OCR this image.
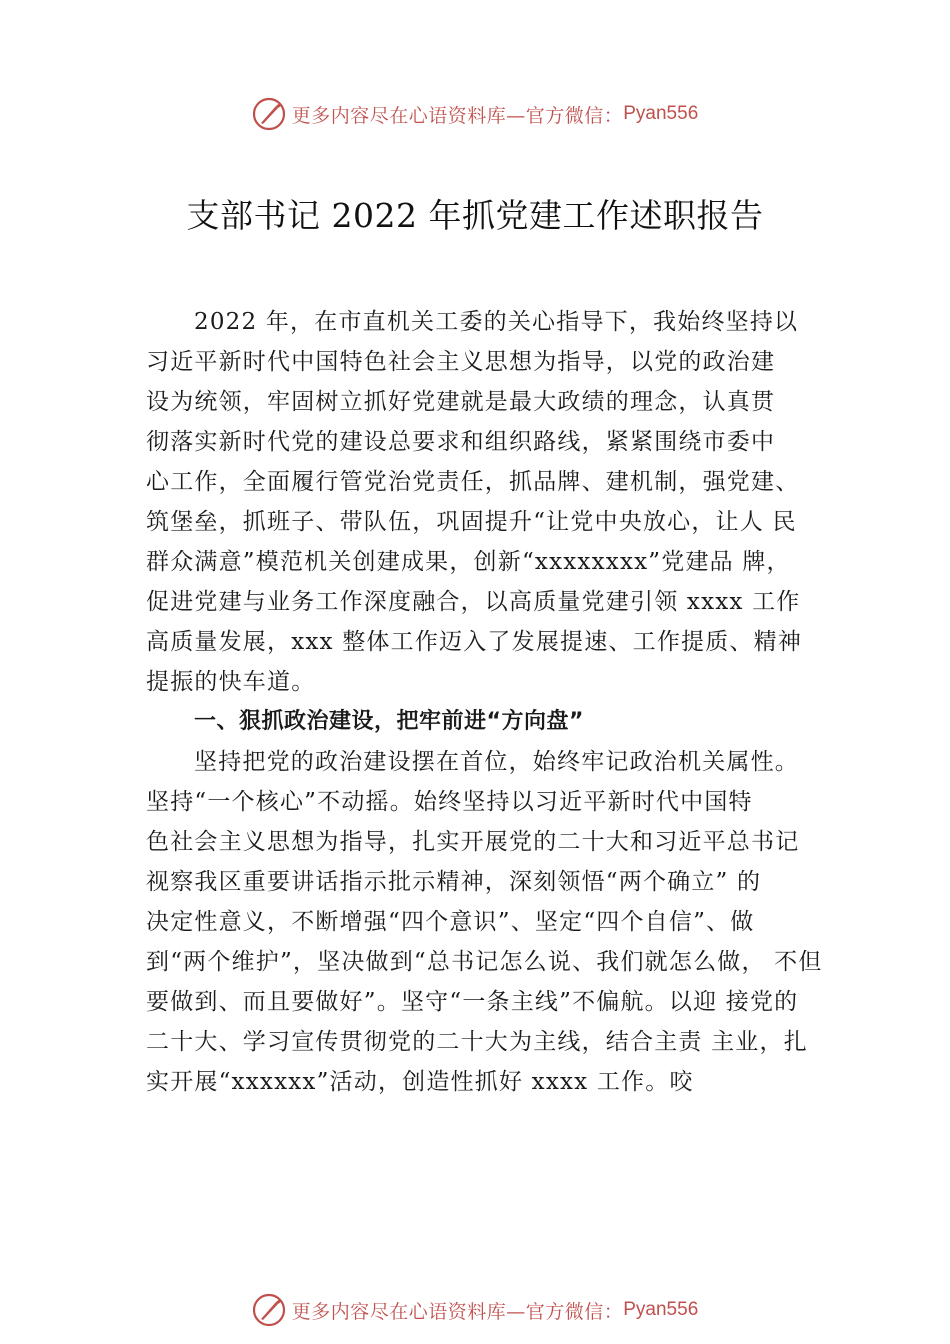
更多内容尽在心语资料库—官方微信： Pyan556
支部书记 2022 年抓党建工作述职报告
2022 年，在市直机关工委的关心指导下，我始终坚持以
习近平新时代中国特色社会主义思想为指导，以党的政治建
设为统领，牢固树立抓好党建就是最大政绩的理念，认真贯
彻落实新时代党的建设总要求和组织路线，紧紧围绕市委中
心工作，全面履行管党治党责任，抓品牌、建机制，强党建、
筑堡垒，抓班子、带队伍，巩固提升“让党中央放心，让人 民
群众满意”模范机关创建成果，创新“xxxxxxxx”党建品 牌，
促进党建与业务工作深度融合，以高质量党建引领 xxxx 工作
高质量发展，xxx 整体工作迈入了发展提速、工作提质、精神
提振的快车道。
一、狠抓政治建设，把牢前进“方向盘”
坚持把党的政治建设摆在首位，始终牢记政治机关属性。
坚持“一个核心”不动摇。始终坚持以习近平新时代中国特
色社会主义思想为指导，扎实开展党的二十大和习近平总书记
视察我区重要讲话指示批示精神，深刻领悟“两个确立” 的
决定性意义，不断增强“四个意识”、坚定“四个自信”、做
到“两个维护”，坚决做到“总书记怎么说、我们就怎么做， 不但
要做到、而且要做好”。坚守“一条主线”不偏航。以迎 接党的
二十大、学习宣传贯彻党的二十大为主线，结合主责 主业，扎
实开展“xxxxxx”活动，创造性抓好 xxxx 工作。咬
更多内容尽在心语资料库—官方微信： Pyan556
